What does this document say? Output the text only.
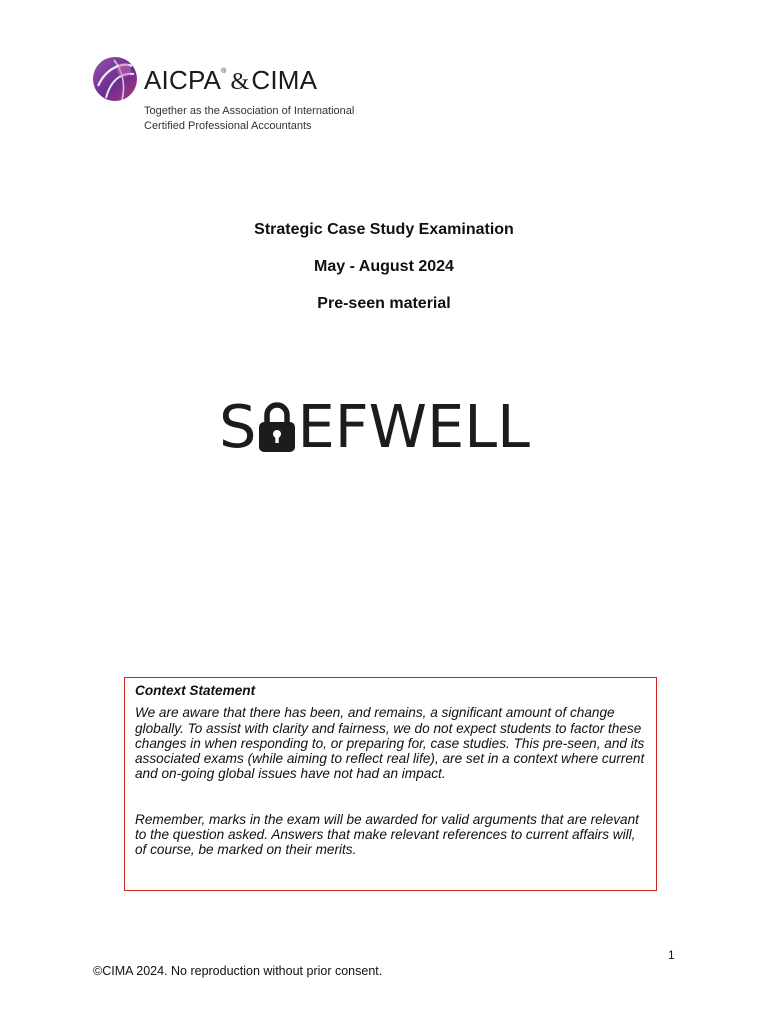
AICPA® &CIMA
Together as the Association of International
Certified Professional Accountants
Strategic Case Study Examination
May - August 2024
Pre-seen material
S EFWELL
Context Statement

We are aware that there has been, and remains, a significant amount of change globally. To assist with clarity and fairness, we do not expect students to factor these changes in when responding to, or preparing for, case studies. This pre-seen, and its associated exams (while aiming to reflect real life), are set in a context where current and on-going global issues have not had an impact.

Remember, marks in the exam will be awarded for valid arguments that are relevant to the question asked. Answers that make relevant references to current affairs will, of course, be marked on their merits.

1
©CIMA 2024. No reproduction without prior consent.
